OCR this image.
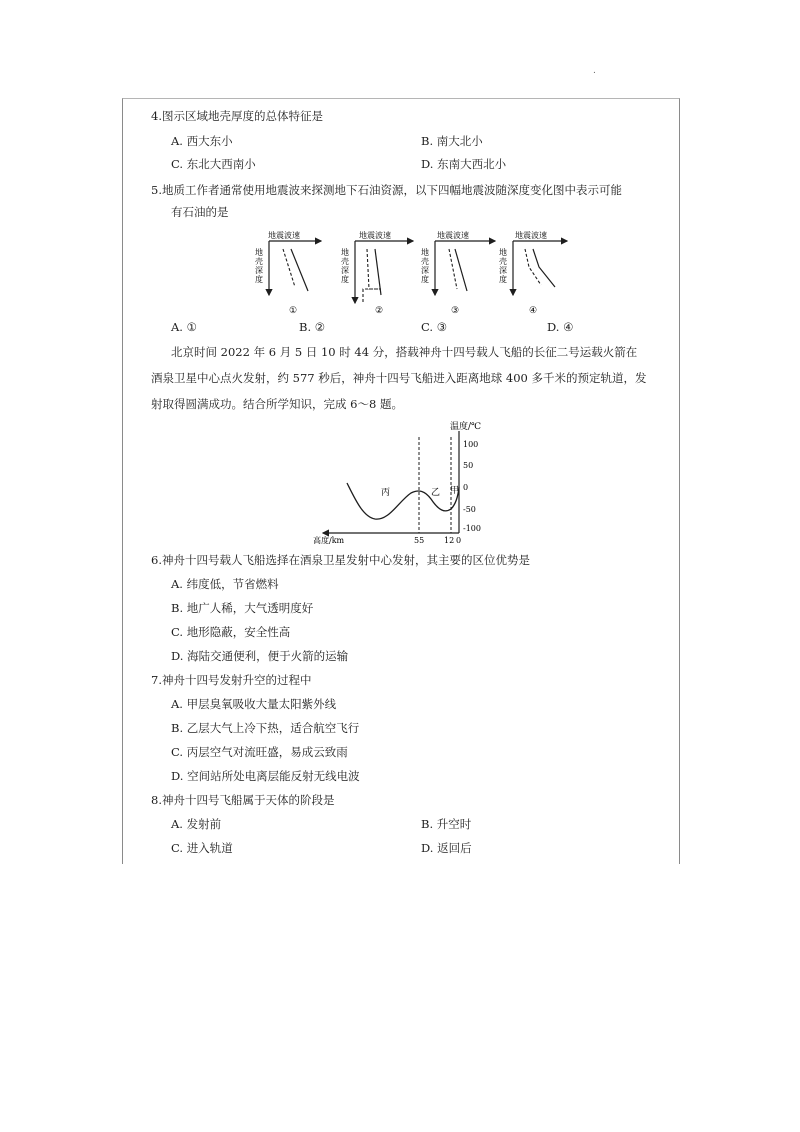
.
4.图示区域地壳厚度的总体特征是
A. 西大东小	B. 南大北小
C. 东北大西南小	D. 东南大西北小
5.地质工作者通常使用地震波来探测地下石油资源，以下四幅地震波随深度变化图中表示可能
有石油的是
地震波速
地
壳
深
度
①
地震波速
地
壳
深
度
②
地震波速
地
壳
深
度
③
地震波速
地
壳
深
度
④
A. ①	B. ②	C. ③	D. ④
北京时间 2022 年 6 月 5 日 10 时 44 分，搭载神舟十四号载人飞船的长征二号运载火箭在
酒泉卫星中心点火发射，约 577 秒后，神舟十四号飞船进入距离地球 400 多千米的预定轨道，发
射取得圆满成功。结合所学知识，完成 6～8 题。
温度/℃
100
50
0
-50
-100
丙	乙 甲
高度/km	55 12 0
6.神舟十四号载人飞船选择在酒泉卫星发射中心发射，其主要的区位优势是
A. 纬度低，节省燃料
B. 地广人稀，大气透明度好
C. 地形隐蔽，安全性高
D. 海陆交通便利，便于火箭的运输
7.神舟十四号发射升空的过程中
A. 甲层臭氧吸收大量太阳紫外线
B. 乙层大气上冷下热，适合航空飞行
C. 丙层空气对流旺盛，易成云致雨
D. 空间站所处电离层能反射无线电波
8.神舟十四号飞船属于天体的阶段是
A. 发射前	B. 升空时
C. 进入轨道	D. 返回后
